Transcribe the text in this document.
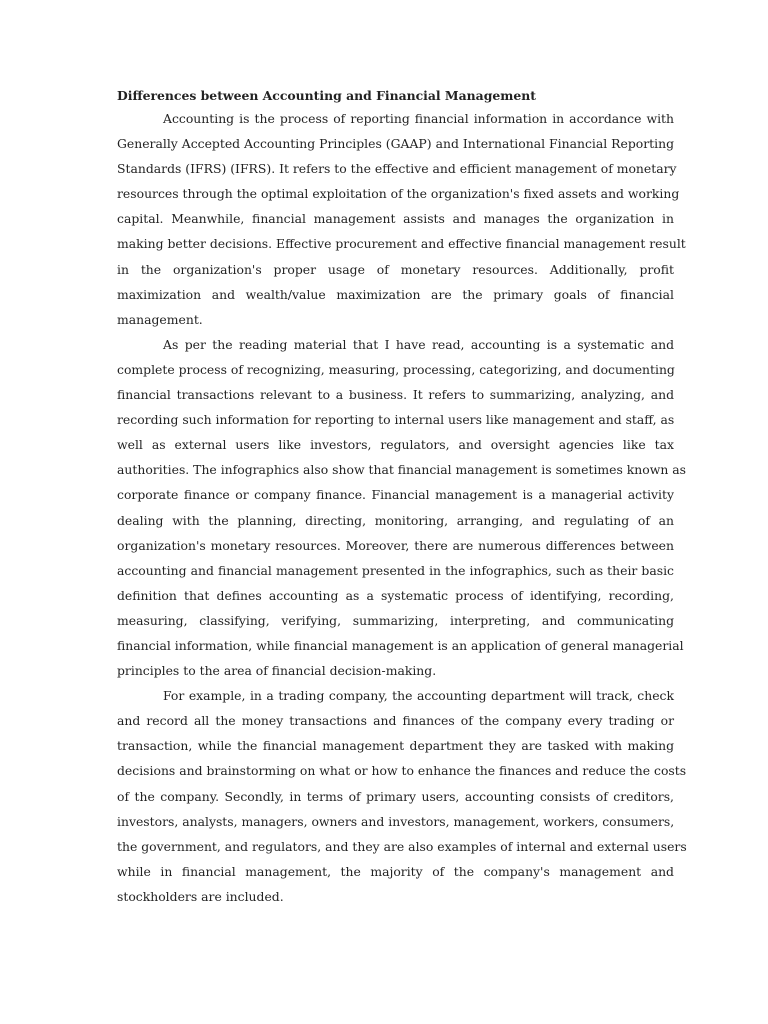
Differences between Accounting and Financial Management
Accounting is the process of reporting financial information in accordance with
Generally Accepted Accounting Principles (GAAP) and International Financial Reporting
Standards (IFRS) (IFRS). It refers to the effective and efficient management of monetary
resources through the optimal exploitation of the organization's fixed assets and working
capital. Meanwhile, financial management assists and manages the organization in
making better decisions. Effective procurement and effective financial management result
in the organization's proper usage of monetary resources. Additionally, profit
maximization and wealth/value maximization are the primary goals of financial
management.
As per the reading material that I have read, accounting is a systematic and
complete process of recognizing, measuring, processing, categorizing, and documenting
financial transactions relevant to a business. It refers to summarizing, analyzing, and
recording such information for reporting to internal users like management and staff, as
well as external users like investors, regulators, and oversight agencies like tax
authorities. The infographics also show that financial management is sometimes known as
corporate finance or company finance. Financial management is a managerial activity
dealing with the planning, directing, monitoring, arranging, and regulating of an
organization's monetary resources. Moreover, there are numerous differences between
accounting and financial management presented in the infographics, such as their basic
definition that defines accounting as a systematic process of identifying, recording,
measuring, classifying, verifying, summarizing, interpreting, and communicating
financial information, while financial management is an application of general managerial
principles to the area of financial decision-making.
For example, in a trading company, the accounting department will track, check
and record all the money transactions and finances of the company every trading or
transaction, while the financial management department they are tasked with making
decisions and brainstorming on what or how to enhance the finances and reduce the costs
of the company. Secondly, in terms of primary users, accounting consists of creditors,
investors, analysts, managers, owners and investors, management, workers, consumers,
the government, and regulators, and they are also examples of internal and external users
while in financial management, the majority of the company's management and
stockholders are included.
